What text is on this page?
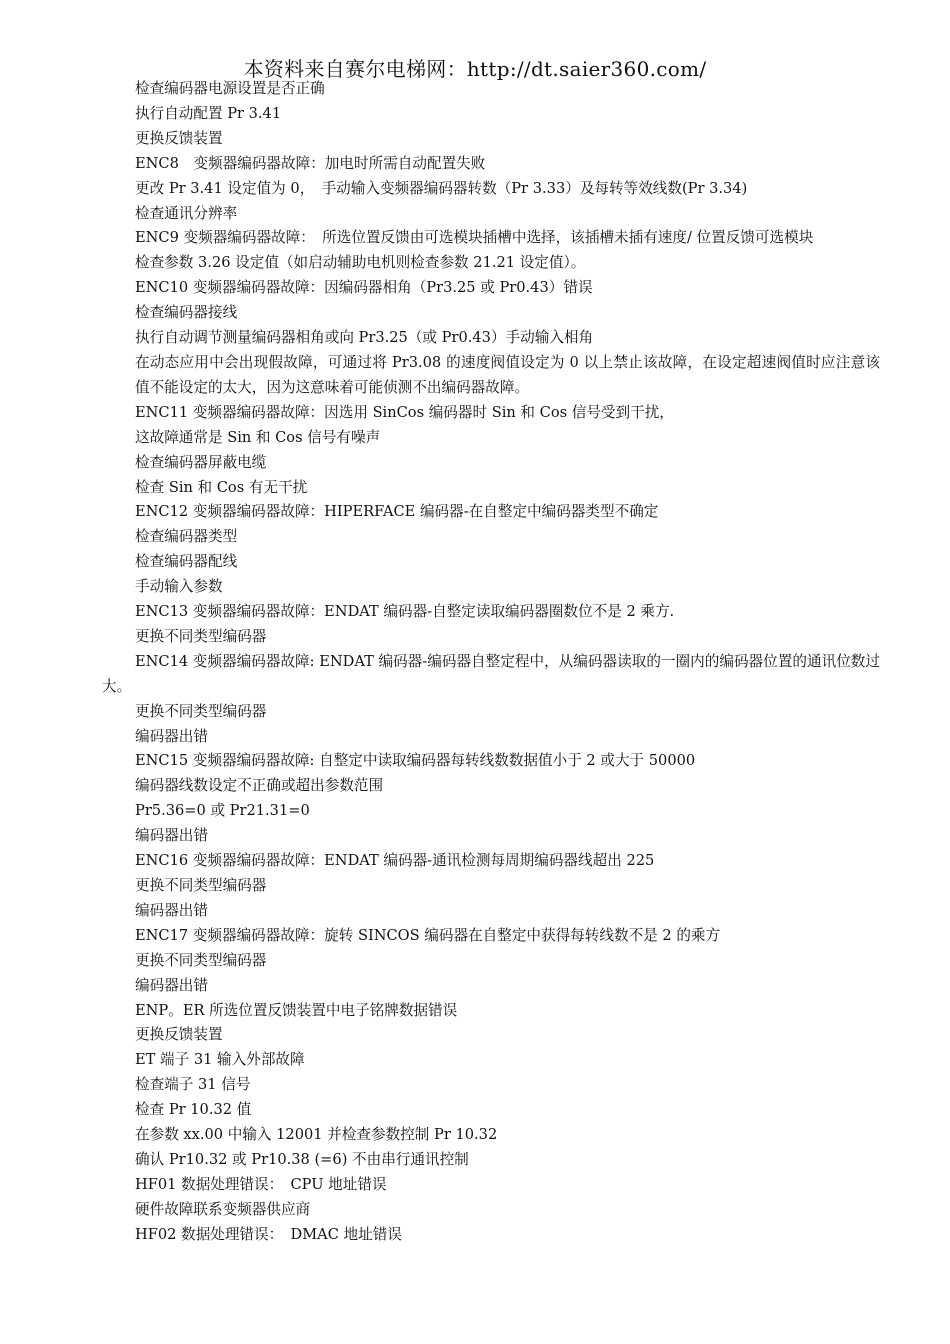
本资料来自赛尔电梯网：http://dt.saier360.com/

检查编码器电源设置是否正确

执行自动配置 Pr 3.41

更换反馈装置

ENC8　变频器编码器故障：加电时所需自动配置失败

更改 Pr 3.41 设定值为 0，　手动输入变频器编码器转数（Pr 3.33）及每转等效线数(Pr 3.34)

检查通讯分辨率

ENC9 变频器编码器故障：　所选位置反馈由可选模块插槽中选择，该插槽未插有速度/ 位置反馈可选模块

检查参数 3.26 设定值（如启动辅助电机则检查参数 21.21 设定值）。

ENC10 变频器编码器故障：因编码器相角（Pr3.25 或 Pr0.43）错误

检查编码器接线

执行自动调节测量编码器相角或向 Pr3.25（或 Pr0.43）手动输入相角

在动态应用中会出现假故障，可通过将 Pr3.08 的速度阀值设定为 0 以上禁止该故障，在设定超速阀值时应注意该值不能设定的太大，因为这意味着可能侦测不出编码器故障。

ENC11 变频器编码器故障：因选用 SinCos 编码器时 Sin 和 Cos 信号受到干扰，

这故障通常是 Sin 和 Cos 信号有噪声

检查编码器屏蔽电缆

检查 Sin 和 Cos 有无干扰

ENC12 变频器编码器故障：HIPERFACE 编码器-在自整定中编码器类型不确定

检查编码器类型

检查编码器配线

手动输入参数

ENC13 变频器编码器故障：ENDAT 编码器-自整定读取编码器圈数位不是 2 乘方.

更换不同类型编码器

ENC14 变频器编码器故障: ENDAT 编码器-编码器自整定程中，从编码器读取的一圈内的编码器位置的通讯位数过大。

更换不同类型编码器

编码器出错

ENC15 变频器编码器故障: 自整定中读取编码器每转线数数据值小于 2 或大于 50000

编码器线数设定不正确或超出参数范围

Pr5.36=0 或 Pr21.31=0

编码器出错

ENC16 变频器编码器故障：ENDAT 编码器-通讯检测每周期编码器线超出 225

更换不同类型编码器

编码器出错

ENC17 变频器编码器故障：旋转 SINCOS 编码器在自整定中获得每转线数不是 2 的乘方

更换不同类型编码器

编码器出错

ENP。ER 所选位置反馈装置中电子铭牌数据错误

更换反馈装置

ET 端子 31 输入外部故障

检查端子 31 信号

检查 Pr 10.32 值

在参数 xx.00 中输入 12001 并检查参数控制 Pr 10.32

确认 Pr10.32 或 Pr10.38 (=6) 不由串行通讯控制

HF01 数据处理错误：　CPU 地址错误

硬件故障联系变频器供应商

HF02 数据处理错误：　DMAC 地址错误
